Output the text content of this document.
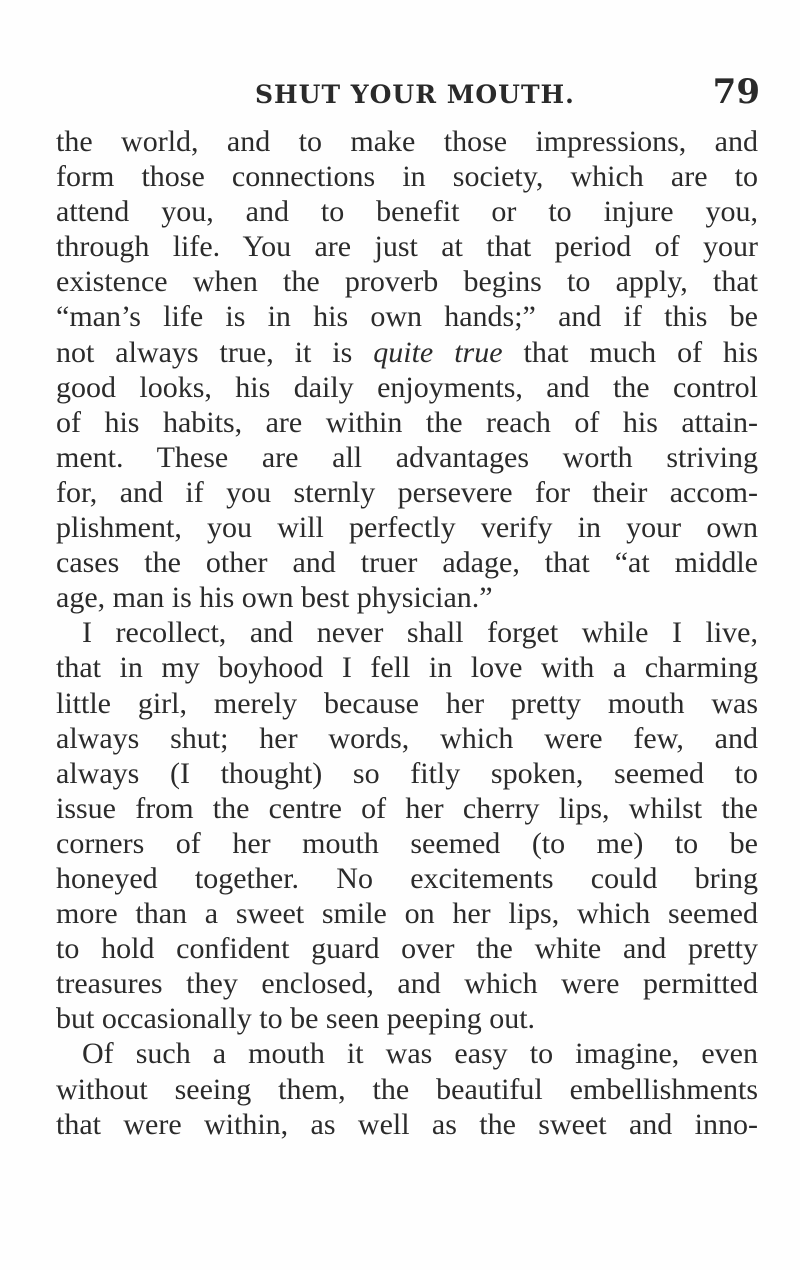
SHUT YOUR MOUTH.	79
the world, and to make those impressions, and
form those connections in society, which are to
attend you, and to benefit or to injure you,
through life. You are just at that period of your
existence when the proverb begins to apply, that
“man’s life is in his own hands;” and if this be
not always true, it is quite true that much of his
good looks, his daily enjoyments, and the control
of his habits, are within the reach of his attain-
ment. These are all advantages worth striving
for, and if you sternly persevere for their accom-
plishment, you will perfectly verify in your own
cases the other and truer adage, that “at middle
age, man is his own best physician.”
I recollect, and never shall forget while I live,
that in my boyhood I fell in love with a charming
little girl, merely because her pretty mouth was
always shut; her words, which were few, and
always (I thought) so fitly spoken, seemed to
issue from the centre of her cherry lips, whilst the
corners of her mouth seemed (to me) to be
honeyed together. No excitements could bring
more than a sweet smile on her lips, which seemed
to hold confident guard over the white and pretty
treasures they enclosed, and which were permitted
but occasionally to be seen peeping out.
Of such a mouth it was easy to imagine, even
without seeing them, the beautiful embellishments
that were within, as well as the sweet and inno-
